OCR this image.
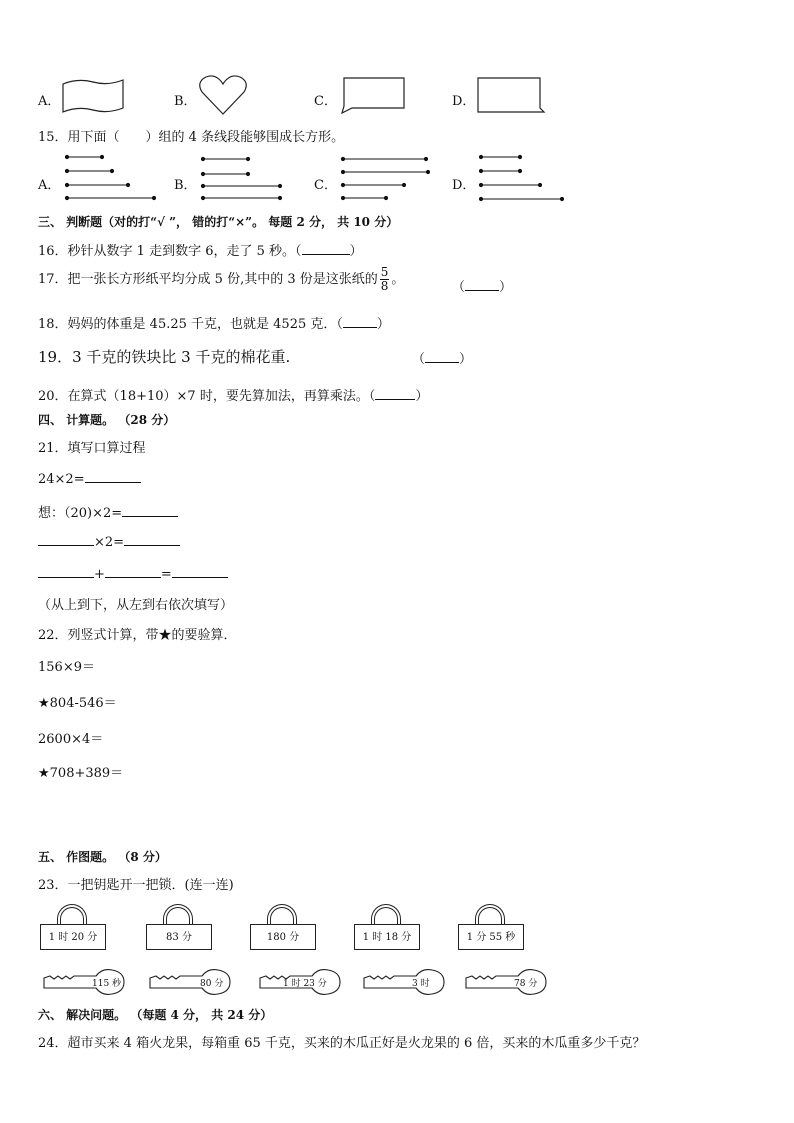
A．	B．	C．	D．
15．用下面（　　）组的 4 条线段能够围成长方形。
A．	B．	C．	D．
三、 判断题（对的打“√ ”， 错的打“×”。 每题 2 分， 共 10 分）
16．秒针从数字 1 走到数字 6，走了 5 秒。（	）
17．把一张长方形纸平均分成 5 份,其中的 3 份是这张纸的 $\frac{5}{8}$ 。
（	）
18．妈妈的体重是 45.25 千克，也就是 4525 克．（	）
19．3 千克的铁块比 3 千克的棉花重.	（	）
20．在算式（18+10）×7 时，要先算加法，再算乘法。（	）
四、 计算题。 （28 分）
21．填写口算过程
24×2=
想：（20)×2=
×2=
+	=
（从上到下，从左到右依次填写）
22．列竖式计算，带★的要验算．
156×9＝
★804-546＝
2600×4＝
★708+389＝
五、 作图题。 （8 分）
23．一把钥匙开一把锁．(连一连)
1 时 20 分	83 分	180 分	1 时 18 分	1 分 55 秒
115 秒	80 分	1 时 23 分	3 时	78 分
六、 解决问题。 （每题 4 分， 共 24 分）
24．超市买来 4 箱火龙果，每箱重 65 千克，买来的木瓜正好是火龙果的 6 倍，买来的木瓜重多少千克？
